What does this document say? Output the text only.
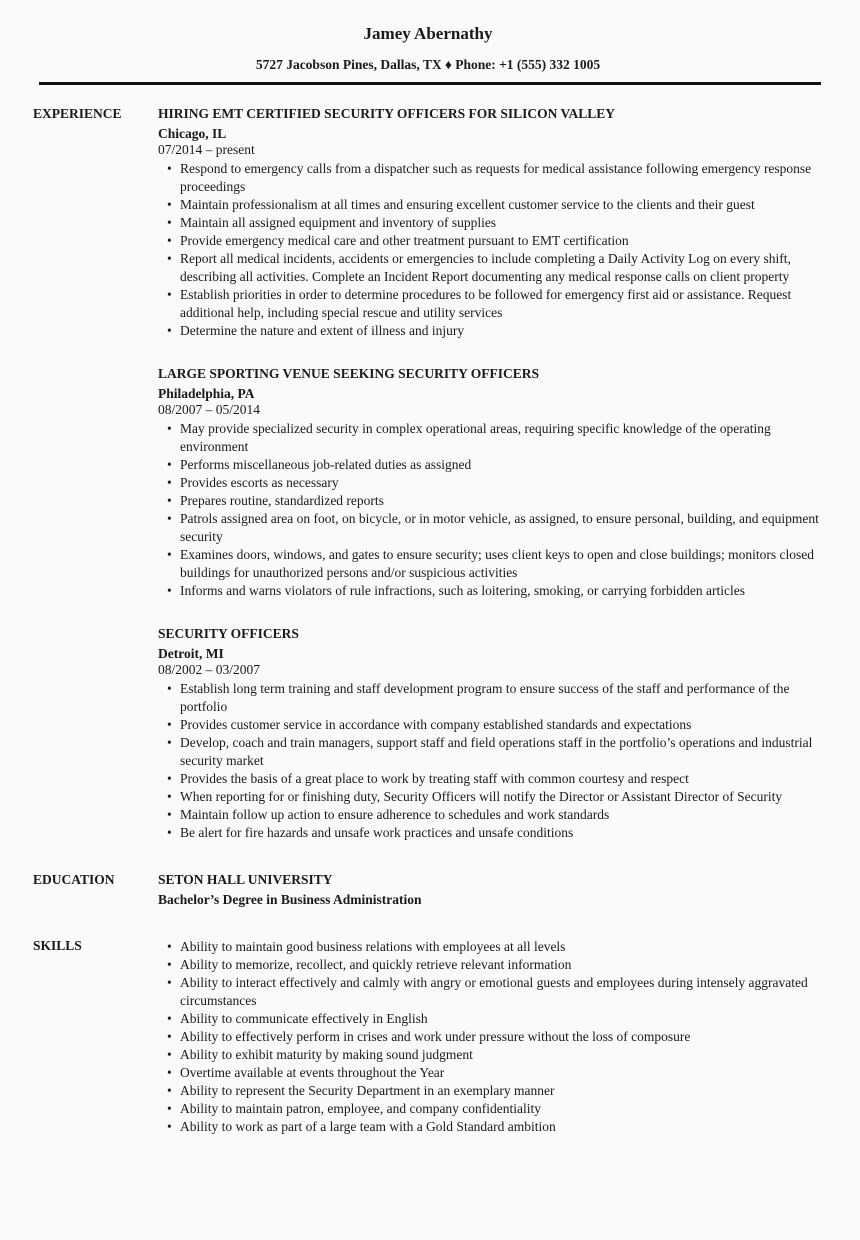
Jamey Abernathy
5727 Jacobson Pines, Dallas, TX ♦ Phone: +1 (555) 332 1005
EXPERIENCE	HIRING EMT CERTIFIED SECURITY OFFICERS FOR SILICON VALLEY
Chicago, IL
07/2014 – present
• Respond to emergency calls from a dispatcher such as requests for medical assistance following emergency response proceedings
• Maintain professionalism at all times and ensuring excellent customer service to the clients and their guest
• Maintain all assigned equipment and inventory of supplies
• Provide emergency medical care and other treatment pursuant to EMT certification
• Report all medical incidents, accidents or emergencies to include completing a Daily Activity Log on every shift, describing all activities. Complete an Incident Report documenting any medical response calls on client property
• Establish priorities in order to determine procedures to be followed for emergency first aid or assistance. Request additional help, including special rescue and utility services
• Determine the nature and extent of illness and injury
LARGE SPORTING VENUE SEEKING SECURITY OFFICERS
Philadelphia, PA
08/2007 – 05/2014
• May provide specialized security in complex operational areas, requiring specific knowledge of the operating environment
• Performs miscellaneous job-related duties as assigned
• Provides escorts as necessary
• Prepares routine, standardized reports
• Patrols assigned area on foot, on bicycle, or in motor vehicle, as assigned, to ensure personal, building, and equipment security
• Examines doors, windows, and gates to ensure security; uses client keys to open and close buildings; monitors closed buildings for unauthorized persons and/or suspicious activities
• Informs and warns violators of rule infractions, such as loitering, smoking, or carrying forbidden articles
SECURITY OFFICERS
Detroit, MI
08/2002 – 03/2007
• Establish long term training and staff development program to ensure success of the staff and performance of the portfolio
• Provides customer service in accordance with company established standards and expectations
• Develop, coach and train managers, support staff and field operations staff in the portfolio’s operations and industrial security market
• Provides the basis of a great place to work by treating staff with common courtesy and respect
• When reporting for or finishing duty, Security Officers will notify the Director or Assistant Director of Security
• Maintain follow up action to ensure adherence to schedules and work standards
• Be alert for fire hazards and unsafe work practices and unsafe conditions
EDUCATION	SETON HALL UNIVERSITY
Bachelor’s Degree in Business Administration
SKILLS	• Ability to maintain good business relations with employees at all levels
• Ability to memorize, recollect, and quickly retrieve relevant information
• Ability to interact effectively and calmly with angry or emotional guests and employees during intensely aggravated circumstances
• Ability to communicate effectively in English
• Ability to effectively perform in crises and work under pressure without the loss of composure
• Ability to exhibit maturity by making sound judgment
• Overtime available at events throughout the Year
• Ability to represent the Security Department in an exemplary manner
• Ability to maintain patron, employee, and company confidentiality
• Ability to work as part of a large team with a Gold Standard ambition
